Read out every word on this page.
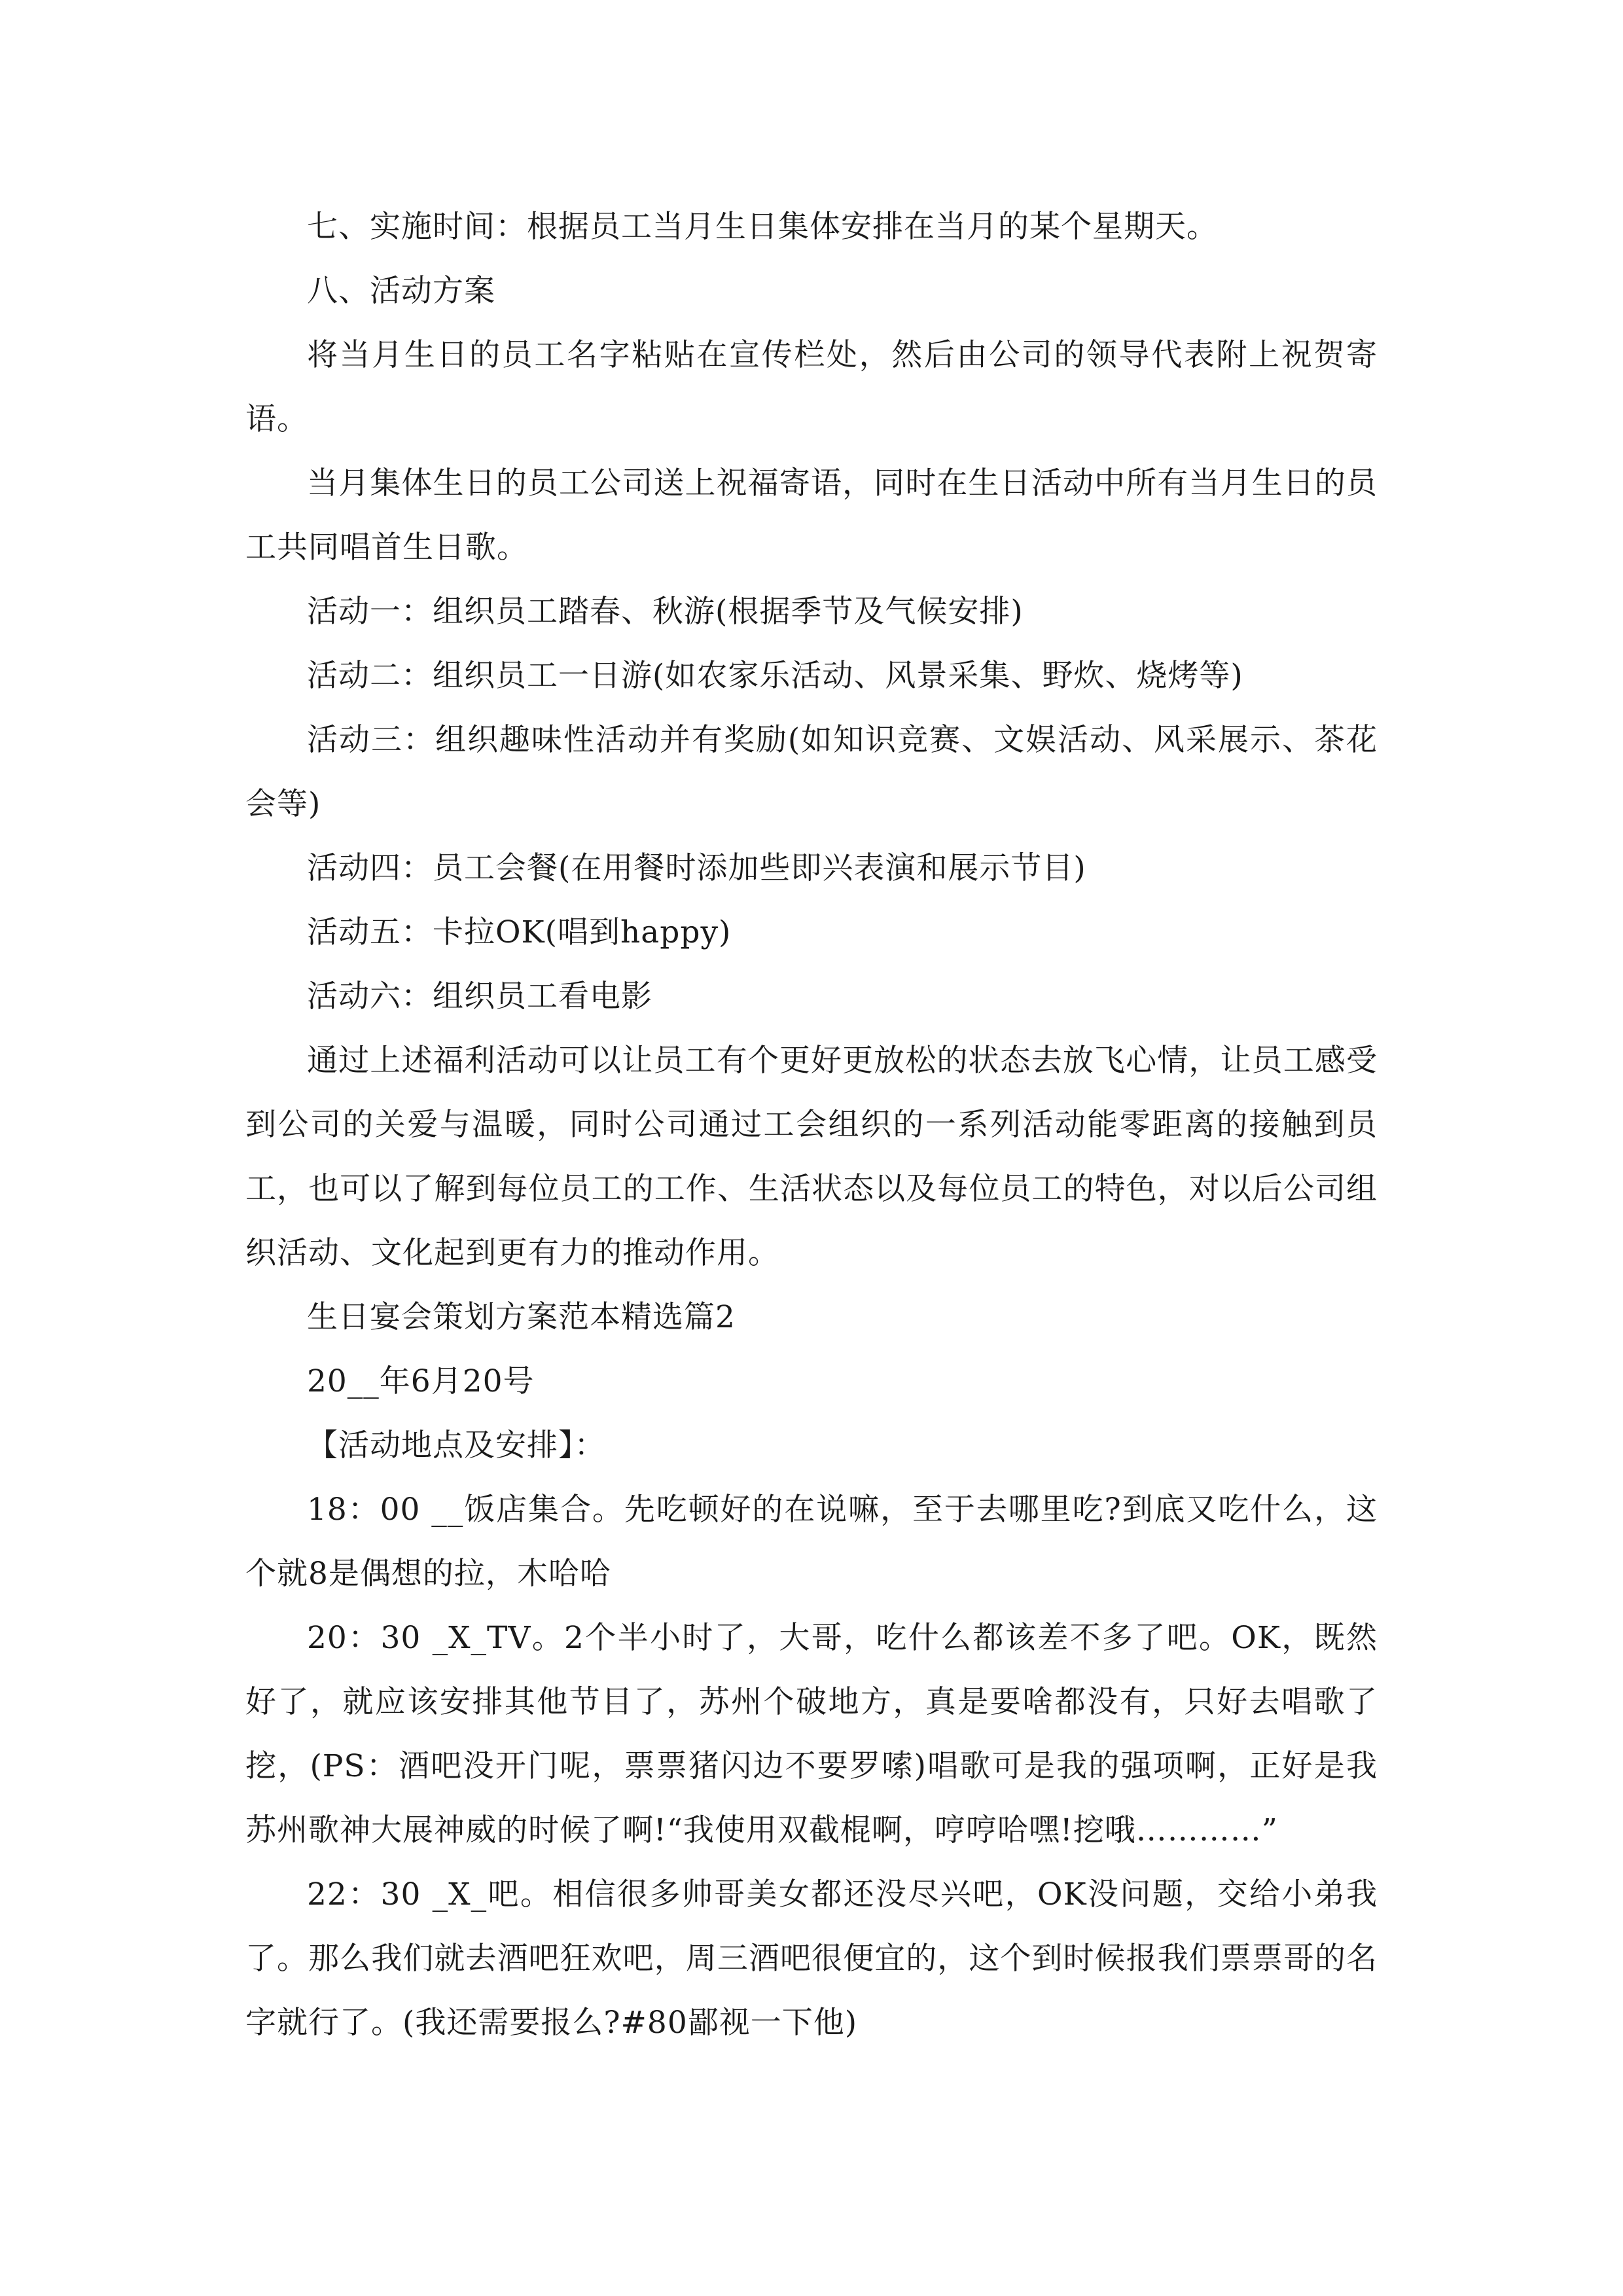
七、实施时间：根据员工当月生日集体安排在当月的某个星期天。

八、活动方案

将当月生日的员工名字粘贴在宣传栏处，然后由公司的领导代表附上祝贺寄语。

当月集体生日的员工公司送上祝福寄语，同时在生日活动中所有当月生日的员工共同唱首生日歌。

活动一：组织员工踏春、秋游(根据季节及气候安排)

活动二：组织员工一日游(如农家乐活动、风景采集、野炊、烧烤等)

活动三：组织趣味性活动并有奖励(如知识竞赛、文娱活动、风采展示、茶花会等)

活动四：员工会餐(在用餐时添加些即兴表演和展示节目)

活动五：卡拉OK(唱到happy)

活动六：组织员工看电影

通过上述福利活动可以让员工有个更好更放松的状态去放飞心情，让员工感受到公司的关爱与温暖，同时公司通过工会组织的一系列活动能零距离的接触到员工，也可以了解到每位员工的工作、生活状态以及每位员工的特色，对以后公司组织活动、文化起到更有力的推动作用。

生日宴会策划方案范本精选篇2

20__年6月20号

【活动地点及安排】：

18：00 __饭店集合。先吃顿好的在说嘛，至于去哪里吃?到底又吃什么，这个就8是偶想的拉，木哈哈

20：30 _X_TV。2个半小时了，大哥，吃什么都该差不多了吧。OK，既然好了，就应该安排其他节目了，苏州个破地方，真是要啥都没有，只好去唱歌了挖，(PS：酒吧没开门呢，票票猪闪边不要罗嗦)唱歌可是我的强项啊，正好是我苏州歌神大展神威的时候了啊!“我使用双截棍啊，哼哼哈嘿!挖哦…………”

22：30 _X_吧。相信很多帅哥美女都还没尽兴吧，OK没问题，交给小弟我了。那么我们就去酒吧狂欢吧，周三酒吧很便宜的，这个到时候报我们票票哥的名字就行了。(我还需要报么?#80鄙视一下他)
